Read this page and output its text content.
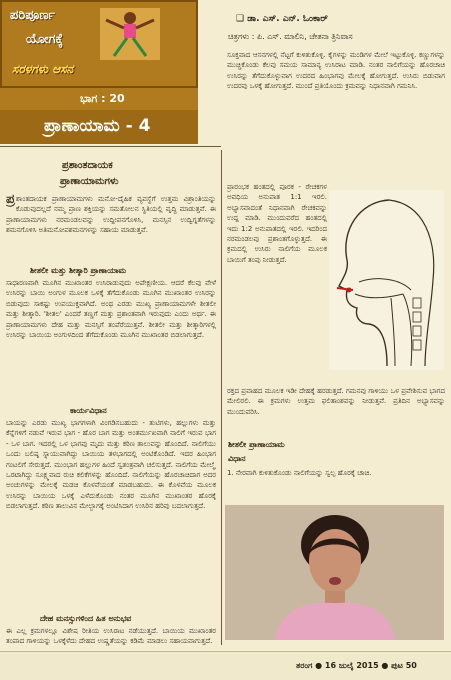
ಪರಿಪೂರ್ಣ
ಯೋಗಕ್ಕೆ
ಸರಳಗಳು ಆಸನ
ಭಾಗ : 20
ಪ್ರಾಣಾಯಾಮ - 4
❑ ಡಾ. ಎಸ್. ಎನ್. ಓಂಕಾರ್
ಚಿತ್ರಗಳು : ಪಿ. ಎಸ್. ಮಾಲಿನಿ, ಚೇತನಾ ತ್ರಿನಿವಾಸ
ಪ್ರಶಾಂತದಾಯಕ
ಪ್ರಾಣಾಯಾಮಗಳು
ಪ್ರ ಶಾಂತದಾಯಕ ಪ್ರಾಣಾಯಾಮಗಳು ಮನೋ-ದೈಹಿಕ ವ್ಯವಸ್ಥೆಗೆ ಉತ್ತಮ ವಿಶ್ರಾಂತಿಯನ್ನು ಕೊಡುವುದಲ್ಲದೆ ನಮ್ಮ ಪ್ರಾಣ ಶಕ್ತಿಯನ್ನು ಸಮತೋಲನ ಸ್ಥಿತಿಯಲ್ಲಿ ವೃದ್ಧಿ ಮಾಡುತ್ತವೆ. ಈ ಪ್ರಾಣಾಯಾಮಗಳು ನರಮಂಡಲವನ್ನು ಉದ್ದೀಪನಗೊಳಿಸಿ, ಮನಸ್ಸಿನ ಉದ್ವಿಗ್ನತೆಗಳನ್ನು ಶಮನಗೊಳಿಸಿ ಅತಿಮನೋಪಶಮನಗಳನ್ನು ಸಹಾಯ ಮಾಡುತ್ತವೆ.
ಶೀತಲೀ ಮತ್ತು ಶೀತ್ಕಾರಿ ಪ್ರಾಣಾಯಾಮ
ಸಾಧಾರಣವಾಗಿ ಮೂಗಿನ ಮುಖಾಂತರ ಉಸಿರಾಡುವುದು ಅಪೇಕ್ಷಣೀಯ. ಆದರೆ ಕೆಲವು ವೇಳೆ ಉಸಿರನ್ನು ಬಾಯಿ ಅಂಗುಳ ಮೂಲಕ ಒಳಕ್ಕೆ ತೆಗೆದುಕೊಂಡು ಮೂಗಿನ ಮುಖಾಂತರ ಉಸಿರನ್ನು ಬಿಡುವುದು ಸಾಕಷ್ಟು ಉಪಯುಕ್ತವಾಗಿದೆ. ಅಂಥ ಎರಡು ಮುಖ್ಯ ಪ್ರಾಣಾಯಾಮಗಳೇ ಶೀತಲೀ ಮತ್ತು ಶೀತ್ಕಾರಿ. 'ಶೀತಲ' ಎಂದರೆ ತಣ್ಣಗೆ ಮತ್ತು ಪ್ರಶಾಂತವಾಗಿ ಇರುವುದು ಎಂದು ಅರ್ಥ. ಈ ಪ್ರಾಣಾಯಾಮಗಳು ದೇಹ ಮತ್ತು ಮನಸ್ಸಿಗೆ ತಂಪೆರೆಯುತ್ತವೆ. ಶೀತಲೀ ಮತ್ತು ಶೀತ್ಕಾರಿಗಳಲ್ಲಿ ಉಸಿರನ್ನು ಬಾಯಿಯ ಅಂಗುಳದಿಂದ ತೆಗೆದುಕೊಂಡು ಮೂಗಿನ ಮುಖಾಂತರ ಬಿಡಲಾಗುತ್ತದೆ.
ಕಾರ್ಯವಿಧಾನ
ಬಾಯನ್ನು ಎರಡು ಮುಖ್ಯ ಭಾಗಗಳಾಗಿ ವಿಂಗಡಿಸಬಹುದು - ತುಟಿಗಳು, ಹಲ್ಲುಗಳು ಮತ್ತು ಕೆನ್ನೆಗಳಿಗೆ ನಡುವೆ ಇರುವ ಭಾಗ - ಹೊರ ಬಾಗ ಮತ್ತು ಅಂತರ್ಮುಖವಾಗಿ ನಾಲಿಗೆ ಇರುವ ಭಾಗ - ಒಳ ಬಾಗ. ಇದರಲ್ಲಿ ಒಳ ಭಾಗವು ಮೃದು ಮತ್ತು ಕಠಿಣ ತಾಲುವನ್ನು ಹೊಂದಿದೆ. ನಾಲಿಗೆಯು ಒಂದು ಬಲಿಷ್ಠ ಸ್ನಾಯುವಾಗಿದ್ದು ಬಾಯಿಯ ತಳಭಾಗದಲ್ಲಿ ಅಂಟಿಕೊಂಡಿದೆ. ಇದರ ಹಿಂಭಾಗ ಗಂಟಲಿಗೆ ಸೇರುತ್ತದೆ. ಮುಂಭಾಗ ಹಲ್ಲುಗಳ ಹಿಂದೆ ಸ್ವತಂತ್ರವಾಗಿ ಚಲಿಸುತ್ತದೆ. ನಾಲಿಗೆಯ ಮೇಲ್ಮೈ ಒರಟಾಗಿದ್ದು ಸೂಕ್ಷ್ಮವಾದ ರುಚಿ ಕಲಿಕೆಗಳನ್ನು ಹೊಂದಿದೆ. ನಾಲಿಗೆಯನ್ನು ಹೊರಚಾಚಿದಾಗ ಅದರ ಅಂಚುಗಳನ್ನು ಮೇಲಕ್ಕೆ ಮಡಚಿ ಕೊಳವೆಯಂತೆ ಮಾಡಬಹುದು. ಈ ಕೊಳವೆಯ ಮೂಲಕ ಉಸಿರನ್ನು ಬಾಯಿಯ ಒಳಕ್ಕೆ ಎಳೆದುಕೊಂಡು ನಂತರ ಮೂಗಿನ ಮುಖಾಂತರ ಹೊರಕ್ಕೆ ಬಿಡಲಾಗುತ್ತದೆ. ಕಠಿಣ ತಾಲುವಿನ ಮೇಲ್ಭಾಗಕ್ಕೆ ಅಂಟಿಸಿದಾಗ ಉಸಿರಿನ ಹರಿವು ಬದಲಾಗುತ್ತದೆ.
ದೇಹ ಮನಸ್ಸುಗಳಿಂದ ಹಿತ ಅನುಭವ
ಈ ಎಲ್ಲ ಕ್ರಮಗಳಲ್ಲೂ ವಿಶೇಷ ರೀತಿಯ ಉಸಿರಾಟ ನಡೆಯುತ್ತದೆ. ಬಾಯಿಯ ಮುಖಾಂತರ ತಂಪಾದ ಗಾಳಿಯನ್ನು ಒಳಕ್ಕೆಳೆದು ದೇಹದ ಉಷ್ಣತೆಯನ್ನು ಕಡಿಮೆ ಮಾಡಲು ಸಹಾಯವಾಗುತ್ತದೆ.
ಸೂಕ್ತವಾದ ಆಸನಗಳಲ್ಲಿ ನೆಟ್ಟಗೆ ಕುಳಿತುಕೊಳ್ಳಿ. ಕೈಗಳನ್ನು ಮಂಡಿಗಳ ಮೇಲೆ ಇಟ್ಟುಕೊಳ್ಳಿ. ಕಣ್ಣುಗಳನ್ನು ಮುಚ್ಚಿಕೊಂಡು ಕೆಲವು ಸಮಯ ಸಾಮಾನ್ಯ ಉಸಿರಾಟ ಮಾಡಿ. ನಂತರ ನಾಲಿಗೆಯನ್ನು ಹೊರಚಾಚಿ ಉಸಿರನ್ನು ತೆಗೆದುಕೊಳ್ಳುವಾಗ ಉದರದ ಹಿಂಭಾಗವು ಮೇಲಕ್ಕೆ ಹೋಗುತ್ತದೆ. ಉಸಿರು ಬಿಡುವಾಗ ಉದರವು ಒಳಕ್ಕೆ ಹೋಗುತ್ತದೆ. ಮುಂದೆ ಪ್ರತಿಯೊಂದು ಕ್ರಮವನ್ನು ನಿಧಾನವಾಗಿ ಗಮನಿಸಿ.
ಪ್ರಾರಂಭಕ ಹಂತದಲ್ಲಿ ಪೂರಕ - ರೇಚಕಗಳ ಅವಧಿಯ ಅನುಪಾತ 1:1 ಇರಲಿ. ಅಭ್ಯಾಸವಾದಂತೆ ನಿಧಾನವಾಗಿ ರೇಚಕವನ್ನು ಉದ್ದ ಮಾಡಿ. ಮುಂದುವರೆದ ಹಂತದಲ್ಲಿ ಇದು 1:2 ಅನುಪಾತದಲ್ಲಿ ಇರಲಿ. ಇದರಿಂದ ನರಮಂಡಲವು ಪ್ರಶಾಂತಗೊಳ್ಳುತ್ತದೆ. ಈ ಕ್ರಮದಲ್ಲಿ ಉಸಿರು ನಾಲಿಗೆಯ ಮೂಲಕ ಬಾಯಿಗೆ ತಂಪು ನೀಡುತ್ತದೆ.
ರಕ್ತದ ಪ್ರವಾಹದ ಮೂಲಕ ಇಡೀ ದೇಹಕ್ಕೆ ಹರಡುತ್ತದೆ. ಗಮನವು ಗಾಳಿಯು ಒಳ ಪ್ರವೇಶಿಸುವ ಭಾಗದ ಮೇಲಿರಲಿ. ಈ ಕ್ರಮಗಳು ಉತ್ತಮ ಫಲಿತಾಂಶವನ್ನು ನೀಡುತ್ತವೆ. ಪ್ರತಿದಿನ ಅಭ್ಯಾಸವನ್ನು ಮುಂದುವರಿಸಿ.
ಶೀತಲೀ ಪ್ರಾಣಾಯಾಮ
ವಿಧಾನ
1. ನೇರವಾಗಿ ಕುಳಿತುಕೊಂಡು ನಾಲಿಗೆಯನ್ನು ಸ್ವಲ್ಪ ಹೊರಕ್ಕೆ ಚಾಚಿ.
ತರಂಗ ● 16 ಜುಲೈ 2015 ● ಪುಟ 50
